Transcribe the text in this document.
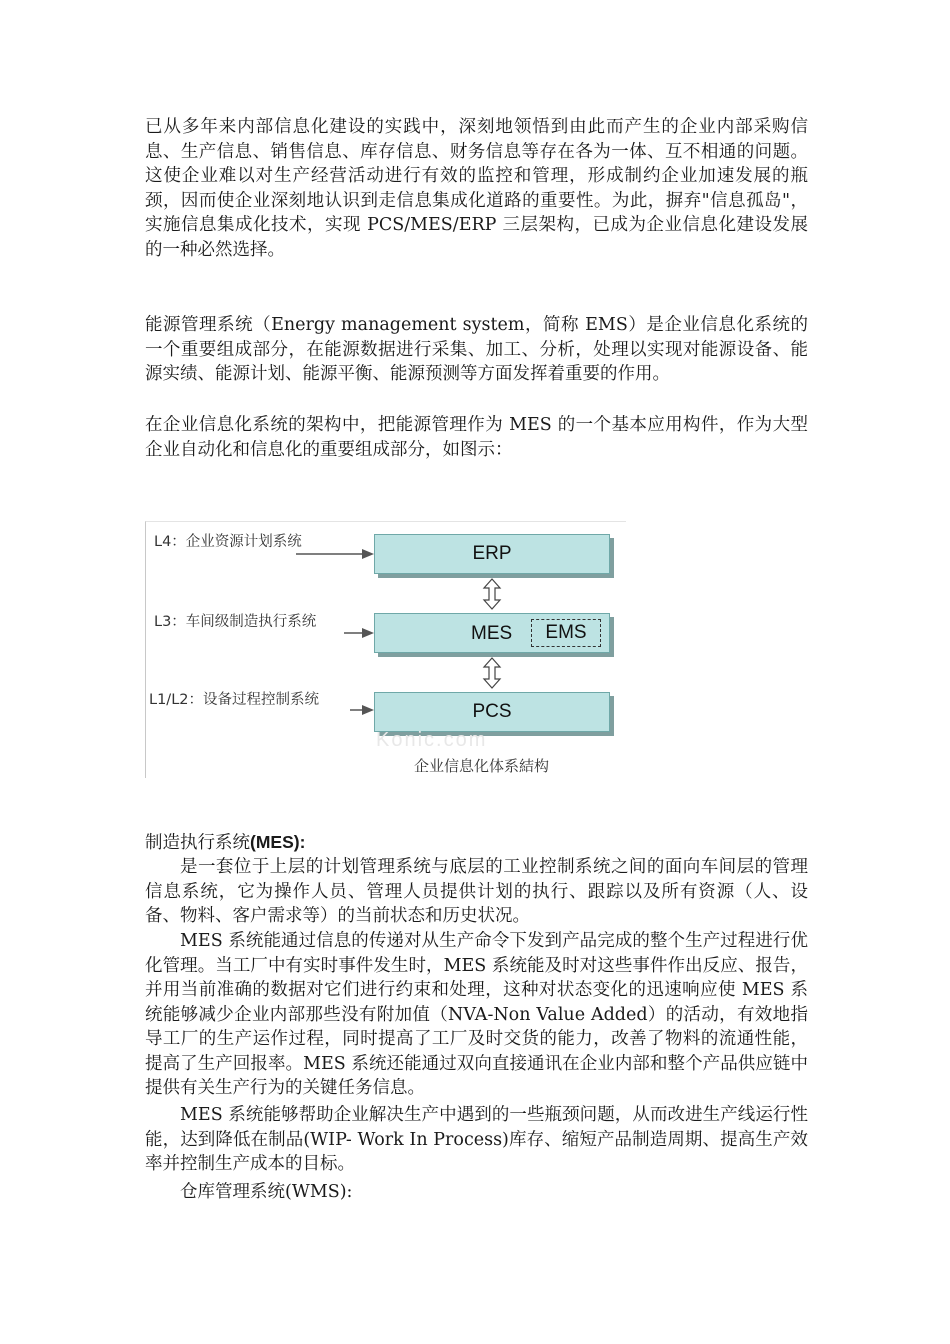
已从多年来内部信息化建设的实践中，深刻地领悟到由此而产生的企业内部采购信息、生产信息、销售信息、库存信息、财务信息等存在各为一体、互不相通的问题。这使企业难以对生产经营活动进行有效的监控和管理，形成制约企业加速发展的瓶颈，因而使企业深刻地认识到走信息集成化道路的重要性。为此，摒弃"信息孤岛"，实施信息集成化技术，实现 PCS/MES/ERP 三层架构，已成为企业信息化建设发展的一种必然选择。

能源管理系统（Energy management system，简称 EMS）是企业信息化系统的一个重要组成部分，在能源数据进行采集、加工、分析，处理以实现对能源设备、能源实绩、能源计划、能源平衡、能源预测等方面发挥着重要的作用。

在企业信息化系统的架构中，把能源管理作为 MES 的一个基本应用构件，作为大型企业自动化和信息化的重要组成部分，如图示：

L4：企业资源计划系统
L3：车间级制造执行系统
L1/L2：设备过程控制系统
ERP
MES EMS
PCS
Konic.com
企业信息化体系結构

制造执行系统(MES):

是一套位于上层的计划管理系统与底层的工业控制系统之间的面向车间层的管理信息系统，它为操作人员、管理人员提供计划的执行、跟踪以及所有资源（人、设备、物料、客户需求等）的当前状态和历史状况。

MES 系统能通过信息的传递对从生产命令下发到产品完成的整个生产过程进行优化管理。当工厂中有实时事件发生时，MES 系统能及时对这些事件作出反应、报告，并用当前准确的数据对它们进行约束和处理，这种对状态变化的迅速响应使 MES 系统能够减少企业内部那些没有附加值（NVA-Non Value Added）的活动，有效地指导工厂的生产运作过程，同时提高了工厂及时交货的能力，改善了物料的流通性能，提高了生产回报率。MES 系统还能通过双向直接通讯在企业内部和整个产品供应链中提供有关生产行为的关键任务信息。

MES 系统能够帮助企业解决生产中遇到的一些瓶颈问题，从而改进生产线运行性能，达到降低在制品(WIP- Work In Process)库存、缩短产品制造周期、提高生产效率并控制生产成本的目标。

仓库管理系统(WMS):
